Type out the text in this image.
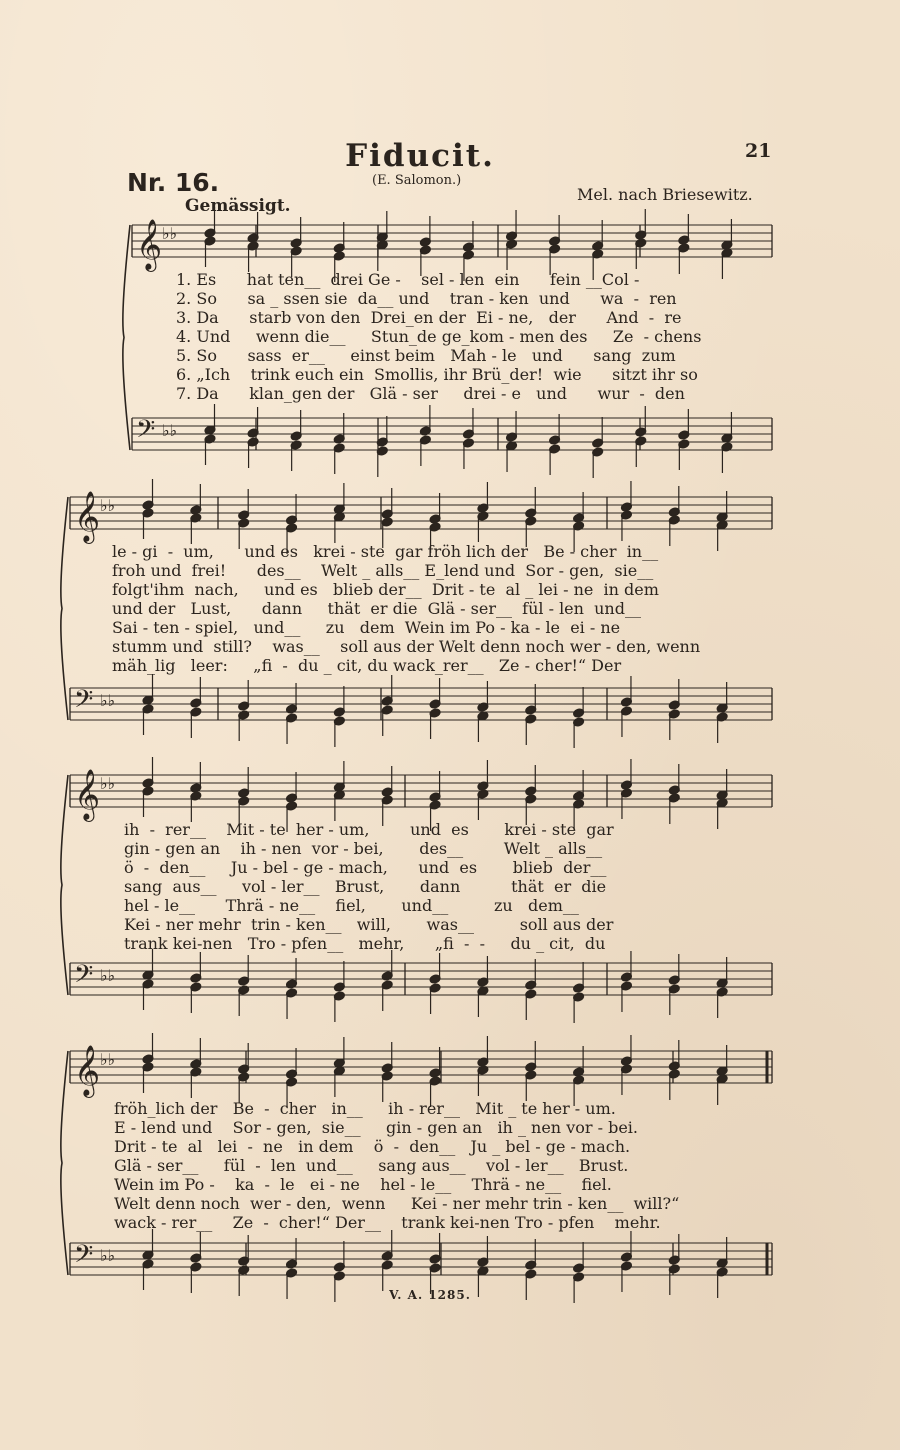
Fiducit.	21
Nr. 16.	(E. Salomon.)
Mel. nach Briesewitz.
Gemässigt.
𝄞 ♭♭
𝄢 ♭♭
𝄞 ♭♭
𝄢 ♭♭
𝄞 ♭♭
𝄢 ♭♭
𝄞 ♭♭
𝄢 ♭♭
1. Es      hat ten__  drei Ge -    sel - len  ein      fein __Col -
2. So      sa _ ssen sie  da__ und    tran - ken  und      wa  -  ren
3. Da      starb von den  Drei_en der  Ei - ne,   der      And  -  re
4. Und     wenn die__     Stun_de ge_kom - men des     Ze  - chens
5. So      sass  er__     einst beim   Mah - le   und      sang  zum
6. „Ich    trink euch ein  Smollis, ihr Brü_der!  wie      sitzt ihr so
7. Da      klan_gen der   Glä - ser     drei - e   und      wur  -  den
le - gi  -  um,      und es   krei - ste  gar fröh lich der   Be - cher  in__
froh und  frei!      des__    Welt _ alls__ E_lend und  Sor - gen,  sie__
folgt'ihm  nach,     und es   blieb der__  Drit - te  al _ lei - ne  in dem
und der   Lust,      dann     thät  er die  Glä - ser__  fül - len  und__
Sai - ten - spiel,   und__     zu   dem  Wein im Po - ka - le  ei - ne
stumm und  still?    was__    soll aus der Welt denn noch wer - den, wenn
mäh_lig   leer:     „fi  -  du _ cit, du wack_rer__   Ze - cher!“ Der
ih  -  rer__    Mit - te  her - um,        und  es       krei - ste  gar
gin - gen an    ih - nen  vor - bei,       des__        Welt _ alls__
ö  -  den__     Ju - bel - ge - mach,      und  es       blieb  der__
sang  aus__     vol - ler__   Brust,       dann          thät  er  die
hel - le__      Thrä - ne__    fiel,       und__         zu   dem__
Kei - ner mehr  trin - ken__   will,       was__         soll aus der
trank kei-nen   Tro - pfen__   mehr,      „fi  -  -     du _ cit,  du
fröh_lich der   Be  -  cher   in__     ih - rer__   Mit _ te her - um.
E - lend und    Sor - gen,  sie__     gin - gen an   ih _ nen vor - bei.
Drit - te  al   lei  -  ne   in dem    ö  -  den__   Ju _ bel - ge - mach.
Glä - ser__     fül  -  len  und__     sang aus__    vol - ler__   Brust.
Wein im Po -    ka  -  le   ei - ne    hel - le__    Thrä - ne__    fiel.
Welt denn noch  wer - den,  wenn     Kei - ner mehr trin - ken__  will?“
wack - rer__    Ze  -  cher!“ Der__    trank kei-nen Tro - pfen    mehr.
V. A. 1285.
